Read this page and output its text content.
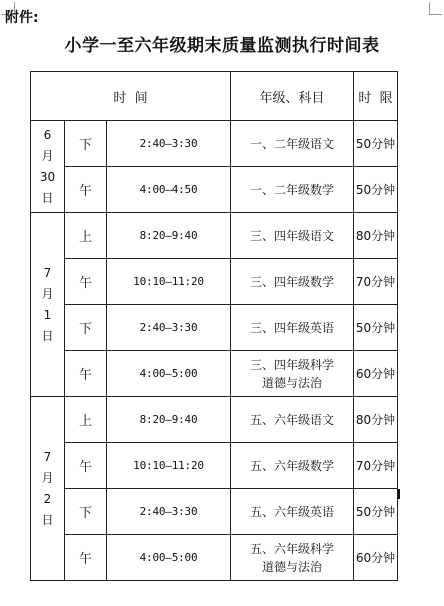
附件:
小学一至六年级期末质量监测执行时间表
时  间			年级、科目	时  限

6
月
30
日	下	2:40—3:30	一、二年级语文	50分钟
	午	4:00—4:50	一、二年级数学	50分钟

7
月
1
日	上	8:20—9:40	三、四年级语文	80分钟
	午	10:10—11:20	三、四年级数学	70分钟
	下	2:40—3:30	三、四年级英语	50分钟
	午	4:00—5:00	三、四年级科学
道德与法治	60分钟

7
月
2
日	上	8:20—9:40	五、六年级语文	80分钟
	午	10:10—11:20	五、六年级数学	70分钟
	下	2:40—3:30	五、六年级英语	50分钟
	午	4:00—5:00	五、六年级科学
道德与法治	60分钟
